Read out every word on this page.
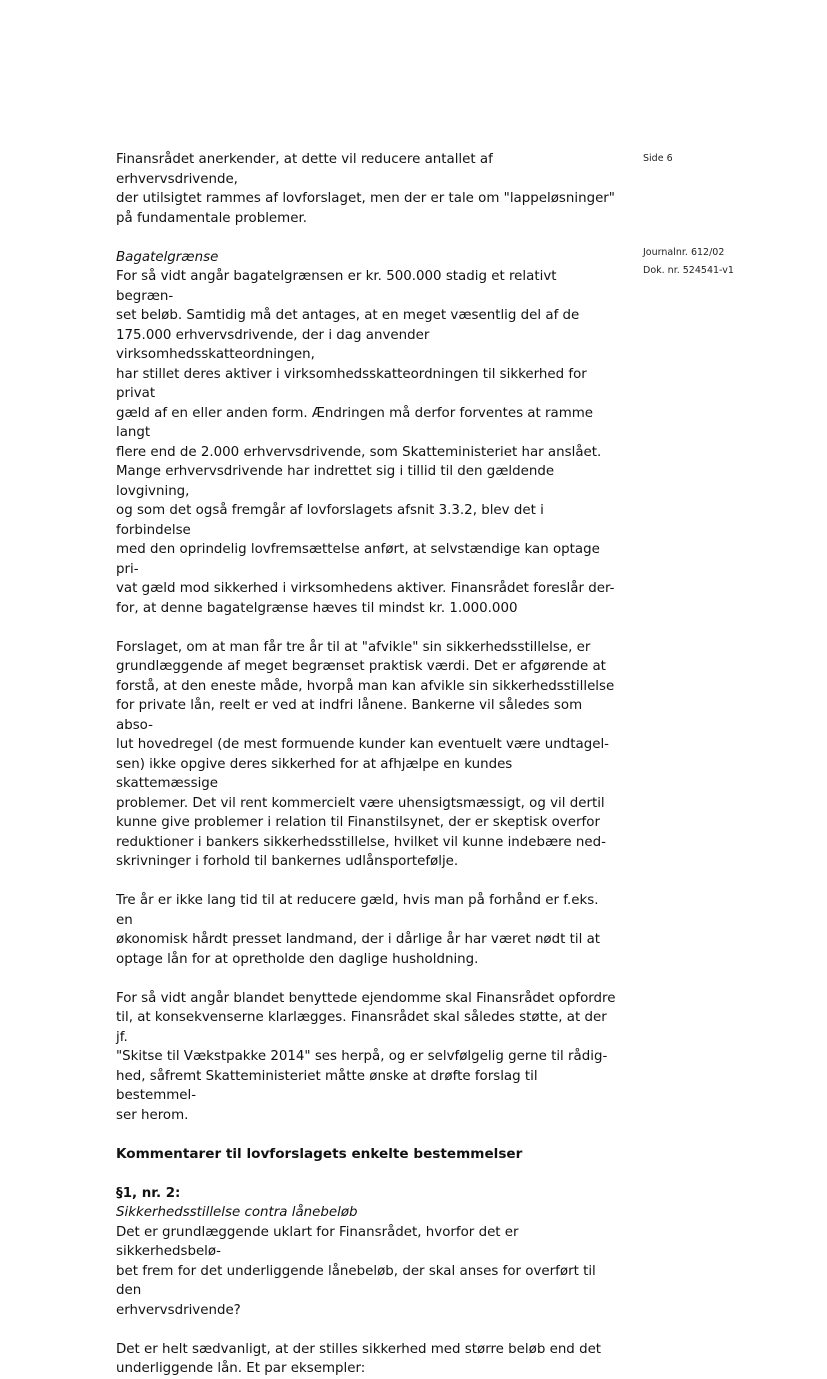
Side 6
Journalnr. 612/02
Dok. nr. 524541-v1

Finansrådet anerkender, at dette vil reducere antallet af erhvervsdrivende,

der utilsigtet rammes af lovforslaget, men der er tale om "lappeløsninger"

på fundamentale problemer.

Bagatelgrænse

For så vidt angår bagatelgrænsen er kr. 500.000 stadig et relativt begræn-

set beløb. Samtidig må det antages, at en meget væsentlig del af de

175.000 erhvervsdrivende, der i dag anvender virksomhedsskatteordningen,

har stillet deres aktiver i virksomhedsskatteordningen til sikkerhed for privat

gæld af en eller anden form. Ændringen må derfor forventes at ramme langt

flere end de 2.000 erhvervsdrivende, som Skatteministeriet har anslået.

Mange erhvervsdrivende har indrettet sig i tillid til den gældende lovgivning,

og som det også fremgår af lovforslagets afsnit 3.3.2, blev det i forbindelse

med den oprindelig lovfremsættelse anført, at selvstændige kan optage pri-

vat gæld mod sikkerhed i virksomhedens aktiver. Finansrådet foreslår der-

for, at denne bagatelgrænse hæves til mindst kr. 1.000.000

Forslaget, om at man får tre år til at "afvikle" sin sikkerhedsstillelse, er

grundlæggende af meget begrænset praktisk værdi. Det er afgørende at

forstå, at den eneste måde, hvorpå man kan afvikle sin sikkerhedsstillelse

for private lån, reelt er ved at indfri lånene. Bankerne vil således som abso-

lut hovedregel (de mest formuende kunder kan eventuelt være undtagel-

sen) ikke opgive deres sikkerhed for at afhjælpe en kundes skattemæssige

problemer. Det vil rent kommercielt være uhensigtsmæssigt, og vil dertil

kunne give problemer i relation til Finanstilsynet, der er skeptisk overfor

reduktioner i bankers sikkerhedsstillelse, hvilket vil kunne indebære ned-

skrivninger i forhold til bankernes udlånsportefølje.

Tre år er ikke lang tid til at reducere gæld, hvis man på forhånd er f.eks. en

økonomisk hårdt presset landmand, der i dårlige år har været nødt til at

optage lån for at opretholde den daglige husholdning.

For så vidt angår blandet benyttede ejendomme skal Finansrådet opfordre

til, at konsekvenserne klarlægges. Finansrådet skal således støtte, at der jf.

"Skitse til Vækstpakke 2014" ses herpå, og er selvfølgelig gerne til rådig-

hed, såfremt Skatteministeriet måtte ønske at drøfte forslag til bestemmel-

ser herom.

Kommentarer til lovforslagets enkelte bestemmelser

§1, nr. 2:

Sikkerhedsstillelse contra lånebeløb

Det er grundlæggende uklart for Finansrådet, hvorfor det er sikkerhedsbelø-

bet frem for det underliggende lånebeløb, der skal anses for overført til den

erhvervsdrivende?

Det er helt sædvanligt, at der stilles sikkerhed med større beløb end det

underliggende lån. Et par eksempler:
